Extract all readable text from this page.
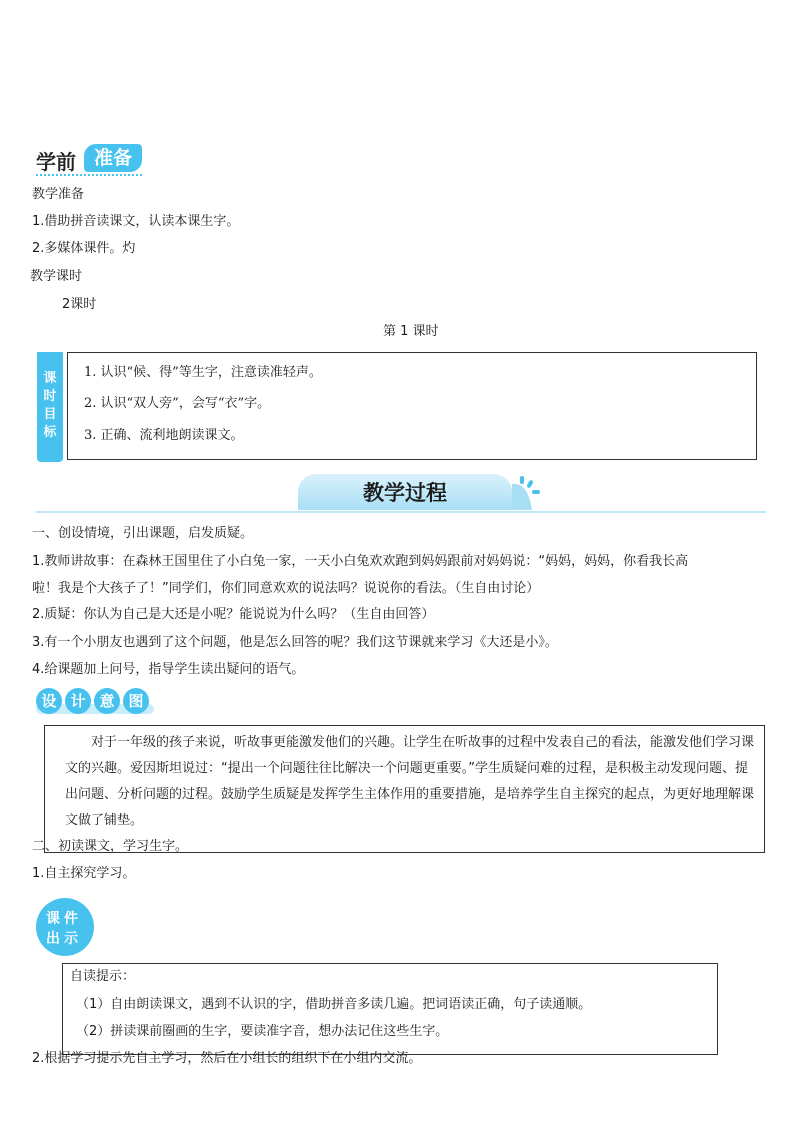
学前 准备
教学准备
1.借助拼音读课文，认读本课生字。
2.多媒体课件。灼
教学课时
2课时
第 1 课时
课
时
目
标
1. 认识“候、得”等生字，注意读准轻声。
2. 认识“双人旁”，会写“衣”字。
3. 正确、流利地朗读课文。
教学过程
一、创设情境，引出课题，启发质疑。
1.教师讲故事：在森林王国里住了小白兔一家，一天小白兔欢欢跑到妈妈跟前对妈妈说：“妈妈，妈妈，你看我长高
啦！我是个大孩子了！”同学们，你们同意欢欢的说法吗？说说你的看法。（生自由讨论）
2.质疑：你认为自己是大还是小呢？能说说为什么吗？（生自由回答）
3.有一个小朋友也遇到了这个问题，他是怎么回答的呢？我们这节课就来学习《大还是小》。
4.给课题加上问号，指导学生读出疑问的语气。
设 计 意 图
对于一年级的孩子来说，听故事更能激发他们的兴趣。让学生在听故事的过程中发表自己的看法，能激发他们学习课文的兴趣。爱因斯坦说过：“提出一个问题往往比解决一个问题更重要。”学生质疑问难的过程，是积极主动发现问题、提出问题、分析问题的过程。鼓励学生质疑是发挥学生主体作用的重要措施，是培养学生自主探究的起点，为更好地理解课文做了铺垫。
二、初读课文，学习生字。
1.自主探究学习。
课件
出示
自读提示：
（1）自由朗读课文，遇到不认识的字，借助拼音多读几遍。把词语读正确，句子读通顺。
（2）拼读课前圈画的生字，要读准字音，想办法记住这些生字。
2.根据学习提示先自主学习，然后在小组长的组织下在小组内交流。
